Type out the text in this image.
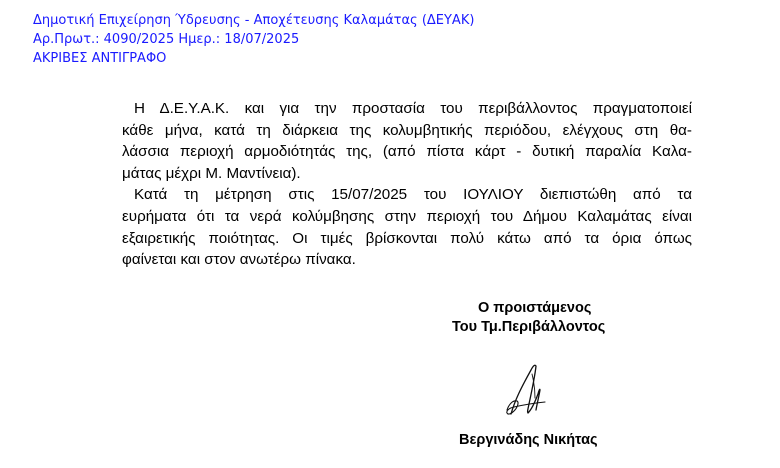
Δημοτική Επιχείρηση Ύδρευσης - Αποχέτευσης Καλαμάτας (ΔΕΥΑΚ)
Αρ.Πρωτ.: 4090/2025 Ημερ.: 18/07/2025
ΑΚΡΙΒΕΣ ΑΝΤΙΓΡΑΦΟ
Η Δ.Ε.Υ.Α.Κ. και για την προστασία του περιβάλλοντος πραγματοποιεί
κάθε μήνα, κατά τη διάρκεια της κολυμβητικής περιόδου, ελέγχους στη θα-
λάσσια περιοχή αρμοδιότητάς της, (από πίστα κάρτ - δυτική παραλία Καλα-
μάτας μέχρι Μ. Μαντίνεια).
Κατά τη μέτρηση στις 15/07/2025 του ΙΟΥΛΙΟΥ διεπιστώθη από τα
ευρήματα ότι τα νερά κολύμβησης στην περιοχή του Δήμου Καλαμάτας είναι
εξαιρετικής ποιότητας. Οι τιμές βρίσκονται πολύ κάτω από τα όρια όπως
φαίνεται και στον ανωτέρω πίνακα.
Ο προιστάμενος
Του Τμ.Περιβάλλοντος
Βεργινάδης Νικήτας
